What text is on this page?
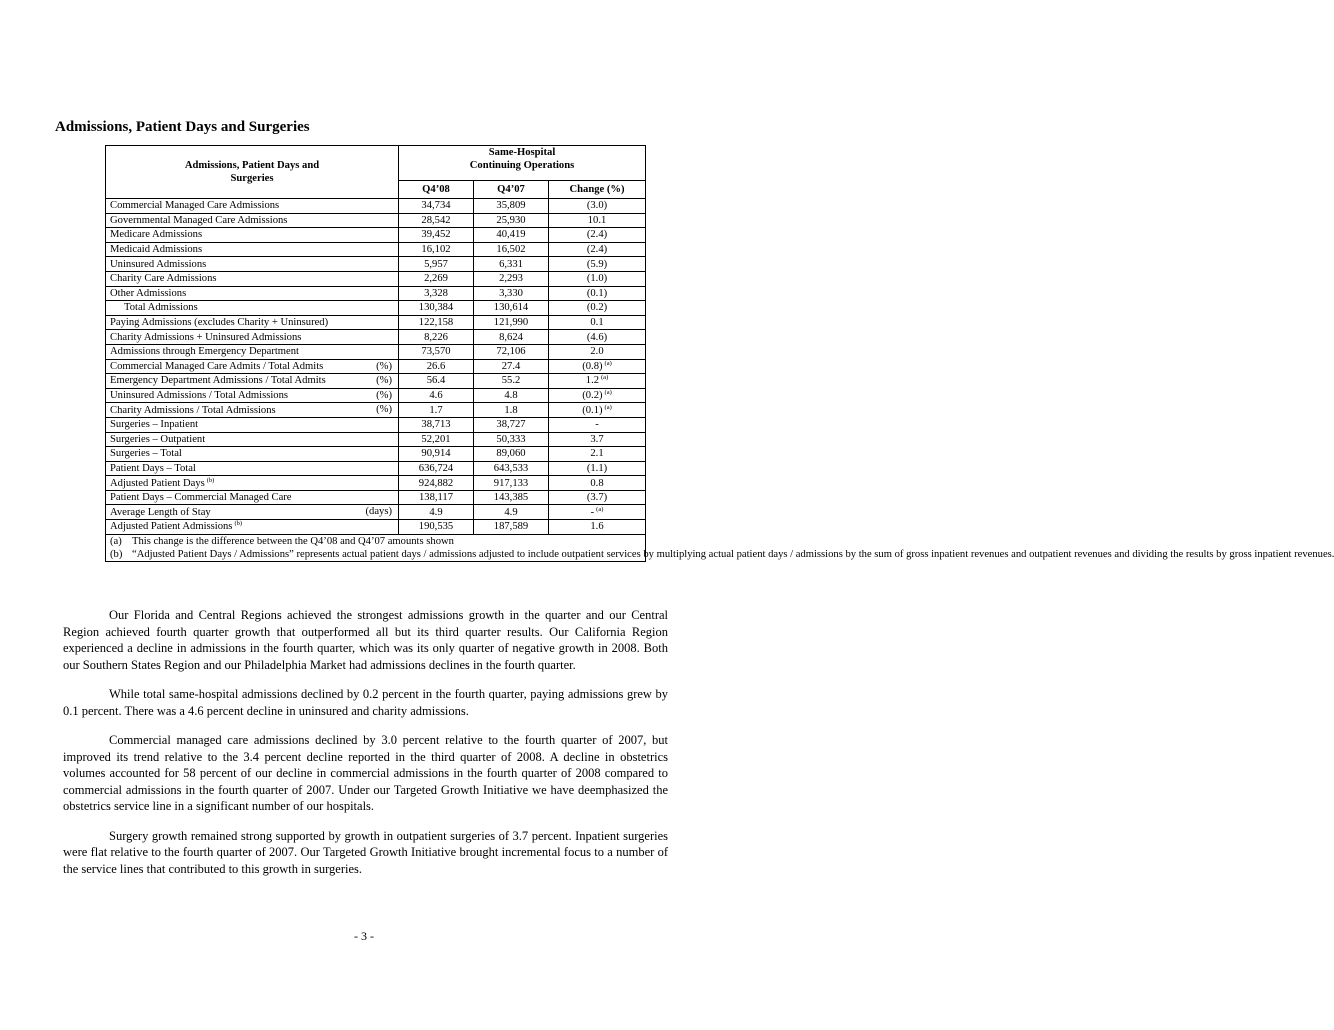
Admissions, Patient Days and Surgeries
Admissions, Patient Days and
Surgeries	Same-Hospital
Continuing Operations		
	Q4’08	Q4’07	Change (%)
Commercial Managed Care Admissions	34,734	35,809	(3.0)
Governmental Managed Care Admissions	28,542	25,930	10.1
Medicare Admissions	39,452	40,419	(2.4)
Medicaid Admissions	16,102	16,502	(2.4)
Uninsured Admissions	5,957	6,331	(5.9)
Charity Care Admissions	2,269	2,293	(1.0)
Other Admissions	3,328	3,330	(0.1)
Total Admissions	130,384	130,614	(0.2)
Paying Admissions (excludes Charity + Uninsured)	122,158	121,990	0.1
Charity Admissions + Uninsured Admissions	8,226	8,624	(4.6)
Admissions through Emergency Department	73,570	72,106	2.0
Commercial Managed Care Admits / Total Admits (%)	26.6	27.4	(0.8) $^{(a)}$
Emergency Department Admissions / Total Admits (%)	56.4	55.2	1.2 $^{(a)}$
Uninsured Admissions / Total Admissions (%)	4.6	4.8	(0.2) $^{(a)}$
Charity Admissions / Total Admissions (%)	1.7	1.8	(0.1) $^{(a)}$
Surgeries – Inpatient	38,713	38,727	-
Surgeries – Outpatient	52,201	50,333	3.7
Surgeries – Total	90,914	89,060	2.1
Patient Days – Total	636,724	643,533	(1.1)
Adjusted Patient Days $^{(b)}$	924,882	917,133	0.8
Patient Days – Commercial Managed Care	138,117	143,385	(3.7)
Average Length of Stay (days)	4.9	4.9	- $^{(a)}$
Adjusted Patient Admissions $^{(b)}$	190,535	187,589	1.6

(a) This change is the difference between the Q4’08 and Q4’07 amounts shown
(b) “Adjusted Patient Days / Admissions” represents actual patient days / admissions adjusted to include outpatient services by multiplying actual patient days / admissions by the sum of gross inpatient revenues and outpatient revenues and dividing the results by gross inpatient revenues.			

Our Florida and Central Regions achieved the strongest admissions growth in the quarter and our Central Region achieved fourth quarter growth that outperformed all but its third quarter results. Our California Region experienced a decline in admissions in the fourth quarter, which was its only quarter of negative growth in 2008. Both our Southern States Region and our Philadelphia Market had admissions declines in the fourth quarter.

While total same-hospital admissions declined by 0.2 percent in the fourth quarter, paying admissions grew by 0.1 percent. There was a 4.6 percent decline in uninsured and charity admissions.

Commercial managed care admissions declined by 3.0 percent relative to the fourth quarter of 2007, but improved its trend relative to the 3.4 percent decline reported in the third quarter of 2008. A decline in obstetrics volumes accounted for 58 percent of our decline in commercial admissions in the fourth quarter of 2008 compared to commercial admissions in the fourth quarter of 2007. Under our Targeted Growth Initiative we have deemphasized the obstetrics service line in a significant number of our hospitals.

Surgery growth remained strong supported by growth in outpatient surgeries of 3.7 percent. Inpatient surgeries were flat relative to the fourth quarter of 2007. Our Targeted Growth Initiative brought incremental focus to a number of the service lines that contributed to this growth in surgeries.

- 3 -
